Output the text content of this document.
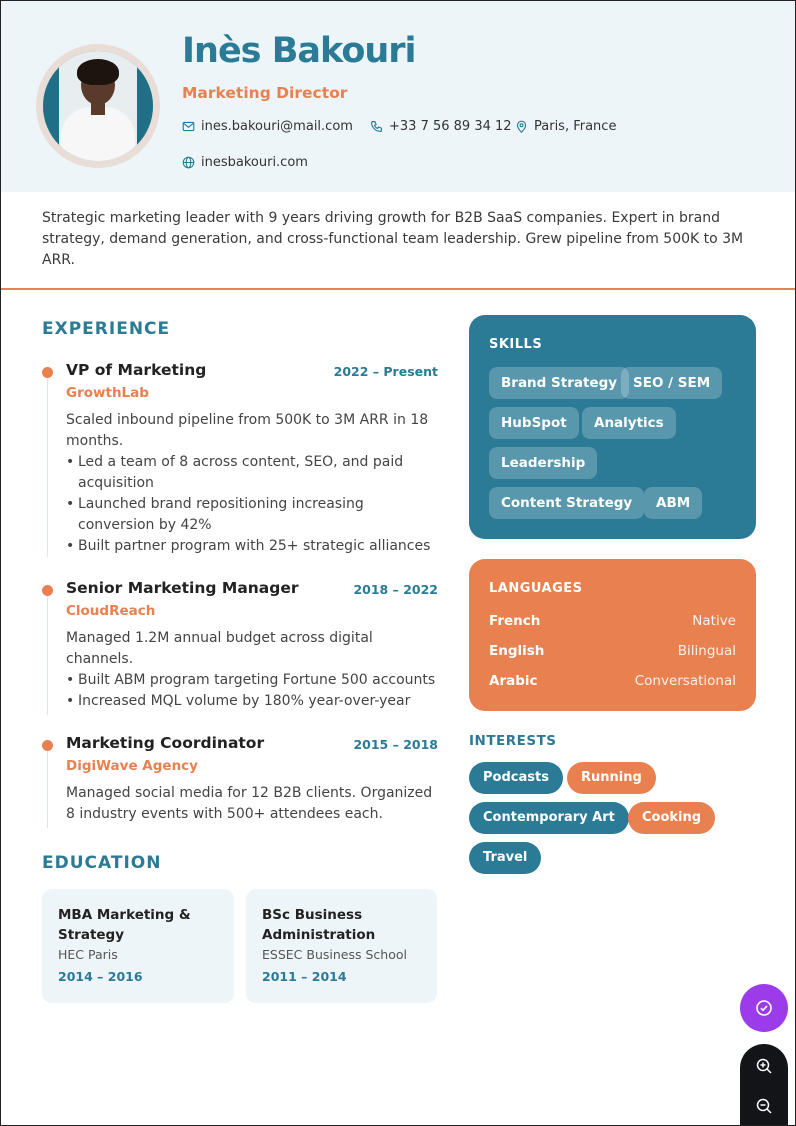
Inès Bakouri
Marketing Director
ines.bakouri@mail.com	+33 7 56 89 34 12 Paris, France
inesbakouri.com
Strategic marketing leader with 9 years driving growth for B2B SaaS companies. Expert in brand strategy, demand generation, and cross-functional team leadership. Grew pipeline from 500K to 3M ARR.
EXPERIENCE
VP of Marketing	2022 – Present
GrowthLab
Scaled inbound pipeline from 500K to 3M ARR in 18 months.
• Led a team of 8 across content, SEO, and paid acquisition
• Launched brand repositioning increasing conversion by 42%
• Built partner program with 25+ strategic alliances
Senior Marketing Manager	2018 – 2022
CloudReach
Managed 1.2M annual budget across digital channels.
• Built ABM program targeting Fortune 500 accounts
• Increased MQL volume by 180% year-over-year
Marketing Coordinator	2015 – 2018
DigiWave Agency
Managed social media for 12 B2B clients. Organized 8 industry events with 500+ attendees each.
EDUCATION
MBA Marketing & Strategy
HEC Paris
2014 – 2016
BSc Business Administration
ESSEC Business School
2011 – 2014
SKILLS
Brand Strategy	SEO / SEM
HubSpot	Analytics
Leadership
Content Strategy	ABM
LANGUAGES
French	Native
English	Bilingual
Arabic	Conversational
INTERESTS
Podcasts	Running
Contemporary Art	Cooking
Travel
